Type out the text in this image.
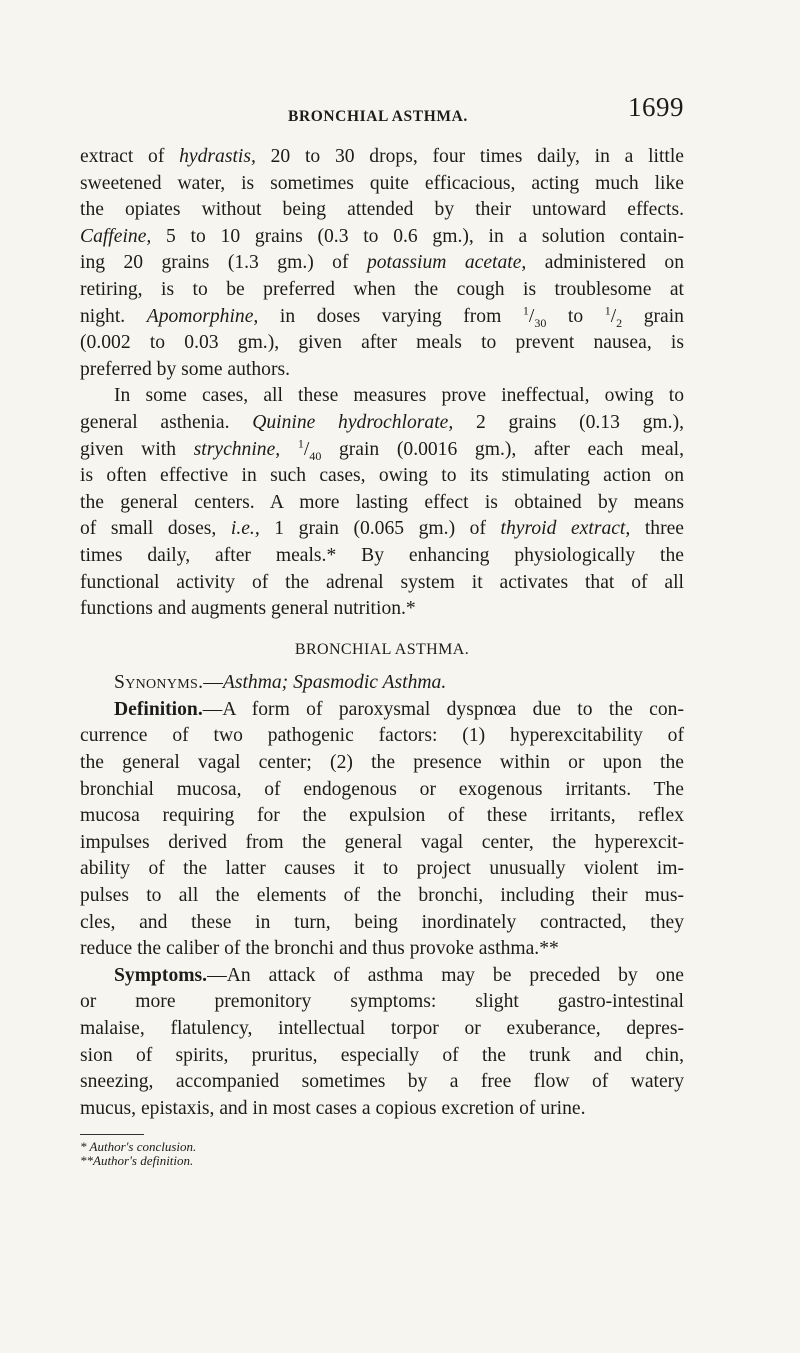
BRONCHIAL ASTHMA.	1699
extract of hydrastis, 20 to 30 drops, four times daily, in a little
sweetened water, is sometimes quite efficacious, acting much like
the opiates without being attended by their untoward effects.
Caffeine, 5 to 10 grains (0.3 to 0.6 gm.), in a solution contain-
ing 20 grains (1.3 gm.) of potassium acetate, administered on
retiring, is to be preferred when the cough is troublesome at
night. Apomorphine, in doses varying from $^1/_{30}$ to $^1/_2$ grain
(0.002 to 0.03 gm.), given after meals to prevent nausea, is
preferred by some authors.
In some cases, all these measures prove ineffectual, owing to
general asthenia. Quinine hydrochlorate, 2 grains (0.13 gm.),
given with strychnine, $^1/_{40}$ grain (0.0016 gm.), after each meal,
is often effective in such cases, owing to its stimulating action on
the general centers. A more lasting effect is obtained by means
of small doses, i.e., 1 grain (0.065 gm.) of thyroid extract, three
times daily, after meals.* By enhancing physiologically the
functional activity of the adrenal system it activates that of all
functions and augments general nutrition.*
BRONCHIAL ASTHMA.
Synonyms.—Asthma; Spasmodic Asthma.
Definition.—A form of paroxysmal dyspnœa due to the con-
currence of two pathogenic factors: (1) hyperexcitability of
the general vagal center; (2) the presence within or upon the
bronchial mucosa, of endogenous or exogenous irritants. The
mucosa requiring for the expulsion of these irritants, reflex
impulses derived from the general vagal center, the hyperexcit-
ability of the latter causes it to project unusually violent im-
pulses to all the elements of the bronchi, including their mus-
cles, and these in turn, being inordinately contracted, they
reduce the caliber of the bronchi and thus provoke asthma.**
Symptoms.—An attack of asthma may be preceded by one
or more premonitory symptoms: slight gastro-intestinal
malaise, flatulency, intellectual torpor or exuberance, depres-
sion of spirits, pruritus, especially of the trunk and chin,
sneezing, accompanied sometimes by a free flow of watery
mucus, epistaxis, and in most cases a copious excretion of urine.
* Author's conclusion.
**Author's definition.
